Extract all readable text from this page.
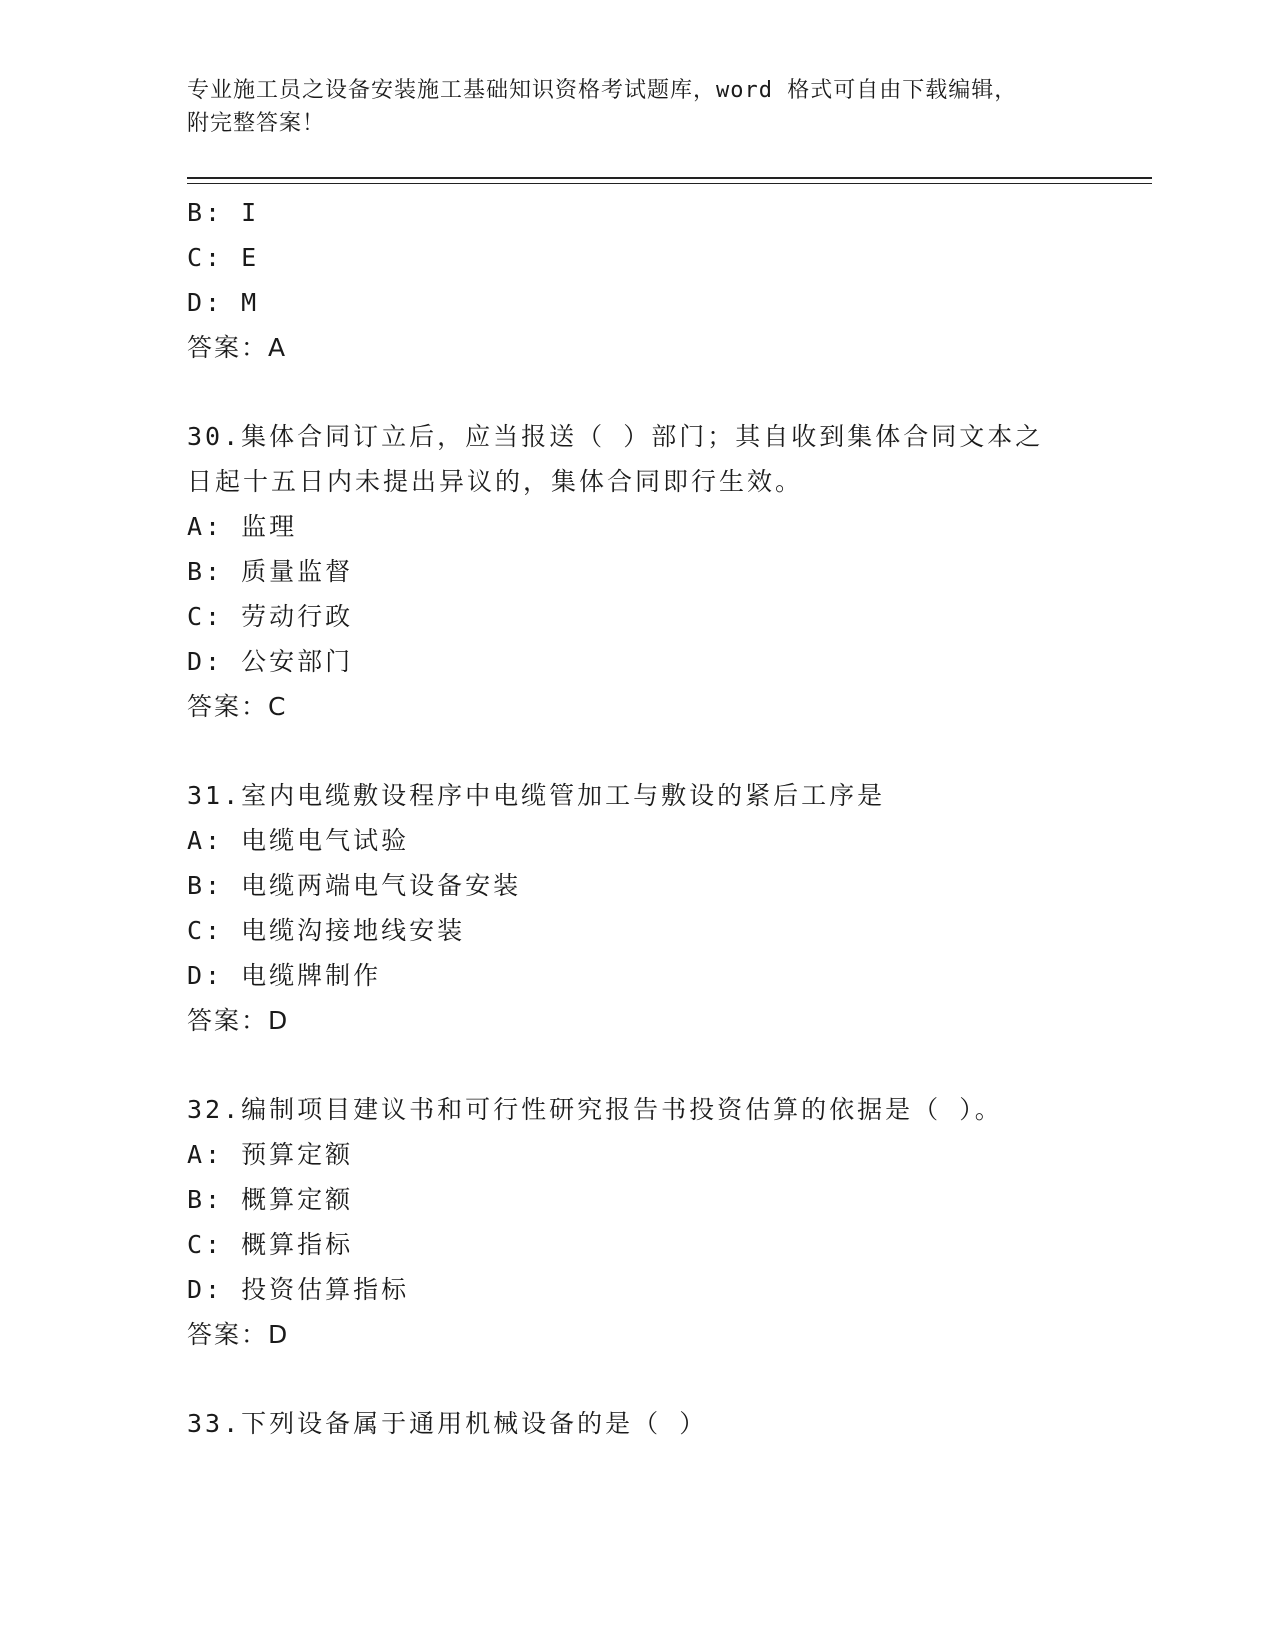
专业施工员之设备安装施工基础知识资格考试题库，word 格式可自由下载编辑，
附完整答案！
B: I
C: E
D: M
答案：A
30.集体合同订立后，应当报送（ ）部门；其自收到集体合同文本之
日起十五日内未提出异议的，集体合同即行生效。
A: 监理
B: 质量监督
C: 劳动行政
D: 公安部门
答案：C
31.室内电缆敷设程序中电缆管加工与敷设的紧后工序是
A: 电缆电气试验
B: 电缆两端电气设备安装
C: 电缆沟接地线安装
D: 电缆牌制作
答案：D
32.编制项目建议书和可行性研究报告书投资估算的依据是（ ）。
A: 预算定额
B: 概算定额
C: 概算指标
D: 投资估算指标
答案：D
33.下列设备属于通用机械设备的是（ ）
